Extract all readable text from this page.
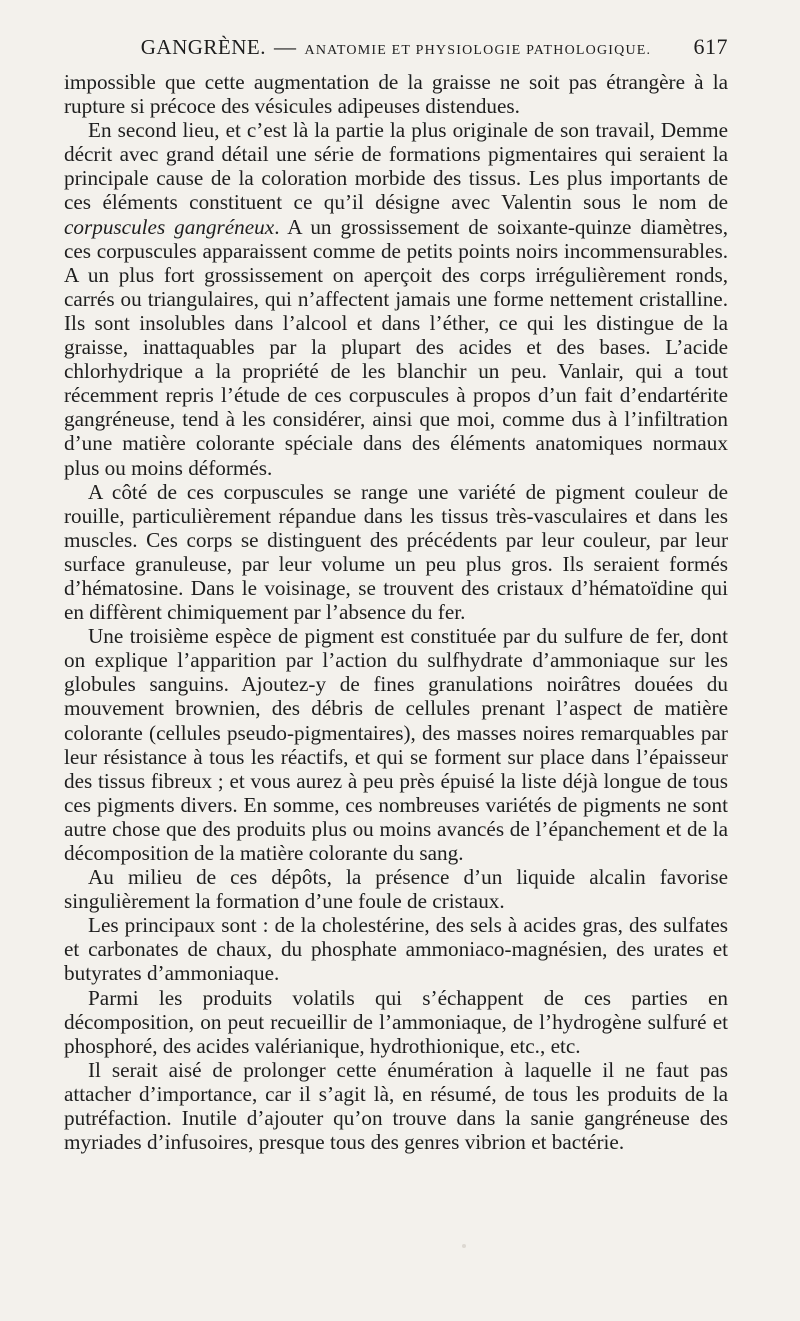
GANGRÈNE. — ANATOMIE ET PHYSIOLOGIE PATHOLOGIQUE. 617

impossible que cette augmentation de la graisse ne soit pas étrangère à la rupture si précoce des vésicules adipeuses distendues.

En second lieu, et c’est là la partie la plus originale de son travail, Demme décrit avec grand détail une série de formations pigmentaires qui seraient la principale cause de la coloration morbide des tissus. Les plus importants de ces éléments constituent ce qu’il désigne avec Valentin sous le nom de corpuscules gangréneux. A un grossissement de soixante-quinze diamètres, ces corpuscules apparaissent comme de petits points noirs incommensurables. A un plus fort grossissement on aperçoit des corps irrégulièrement ronds, carrés ou triangulaires, qui n’affectent jamais une forme nettement cristalline. Ils sont insolubles dans l’alcool et dans l’éther, ce qui les distingue de la graisse, inattaquables par la plupart des acides et des bases. L’acide chlorhydrique a la propriété de les blanchir un peu. Vanlair, qui a tout récemment repris l’étude de ces corpuscules à propos d’un fait d’endartérite gangréneuse, tend à les considérer, ainsi que moi, comme dus à l’infiltration d’une matière colorante spéciale dans des éléments anatomiques normaux plus ou moins déformés.

A côté de ces corpuscules se range une variété de pigment couleur de rouille, particulièrement répandue dans les tissus très-vasculaires et dans les muscles. Ces corps se distinguent des précédents par leur couleur, par leur surface granuleuse, par leur volume un peu plus gros. Ils seraient formés d’hématosine. Dans le voisinage, se trouvent des cristaux d’hématoïdine qui en diffèrent chimiquement par l’absence du fer.

Une troisième espèce de pigment est constituée par du sulfure de fer, dont on explique l’apparition par l’action du sulfhydrate d’ammoniaque sur les globules sanguins. Ajoutez-y de fines granulations noirâtres douées du mouvement brownien, des débris de cellules prenant l’aspect de matière colorante (cellules pseudo-pigmentaires), des masses noires remarquables par leur résistance à tous les réactifs, et qui se forment sur place dans l’épaisseur des tissus fibreux ; et vous aurez à peu près épuisé la liste déjà longue de tous ces pigments divers. En somme, ces nombreuses variétés de pigments ne sont autre chose que des produits plus ou moins avancés de l’épanchement et de la décomposition de la matière colorante du sang.

Au milieu de ces dépôts, la présence d’un liquide alcalin favorise singulièrement la formation d’une foule de cristaux.

Les principaux sont : de la cholestérine, des sels à acides gras, des sulfates et carbonates de chaux, du phosphate ammoniaco-magnésien, des urates et butyrates d’ammoniaque.

Parmi les produits volatils qui s’échappent de ces parties en décomposition, on peut recueillir de l’ammoniaque, de l’hydrogène sulfuré et phosphoré, des acides valérianique, hydrothionique, etc., etc.

Il serait aisé de prolonger cette énumération à laquelle il ne faut pas attacher d’importance, car il s’agit là, en résumé, de tous les produits de la putréfaction. Inutile d’ajouter qu’on trouve dans la sanie gangréneuse des myriades d’infusoires, presque tous des genres vibrion et bactérie.
